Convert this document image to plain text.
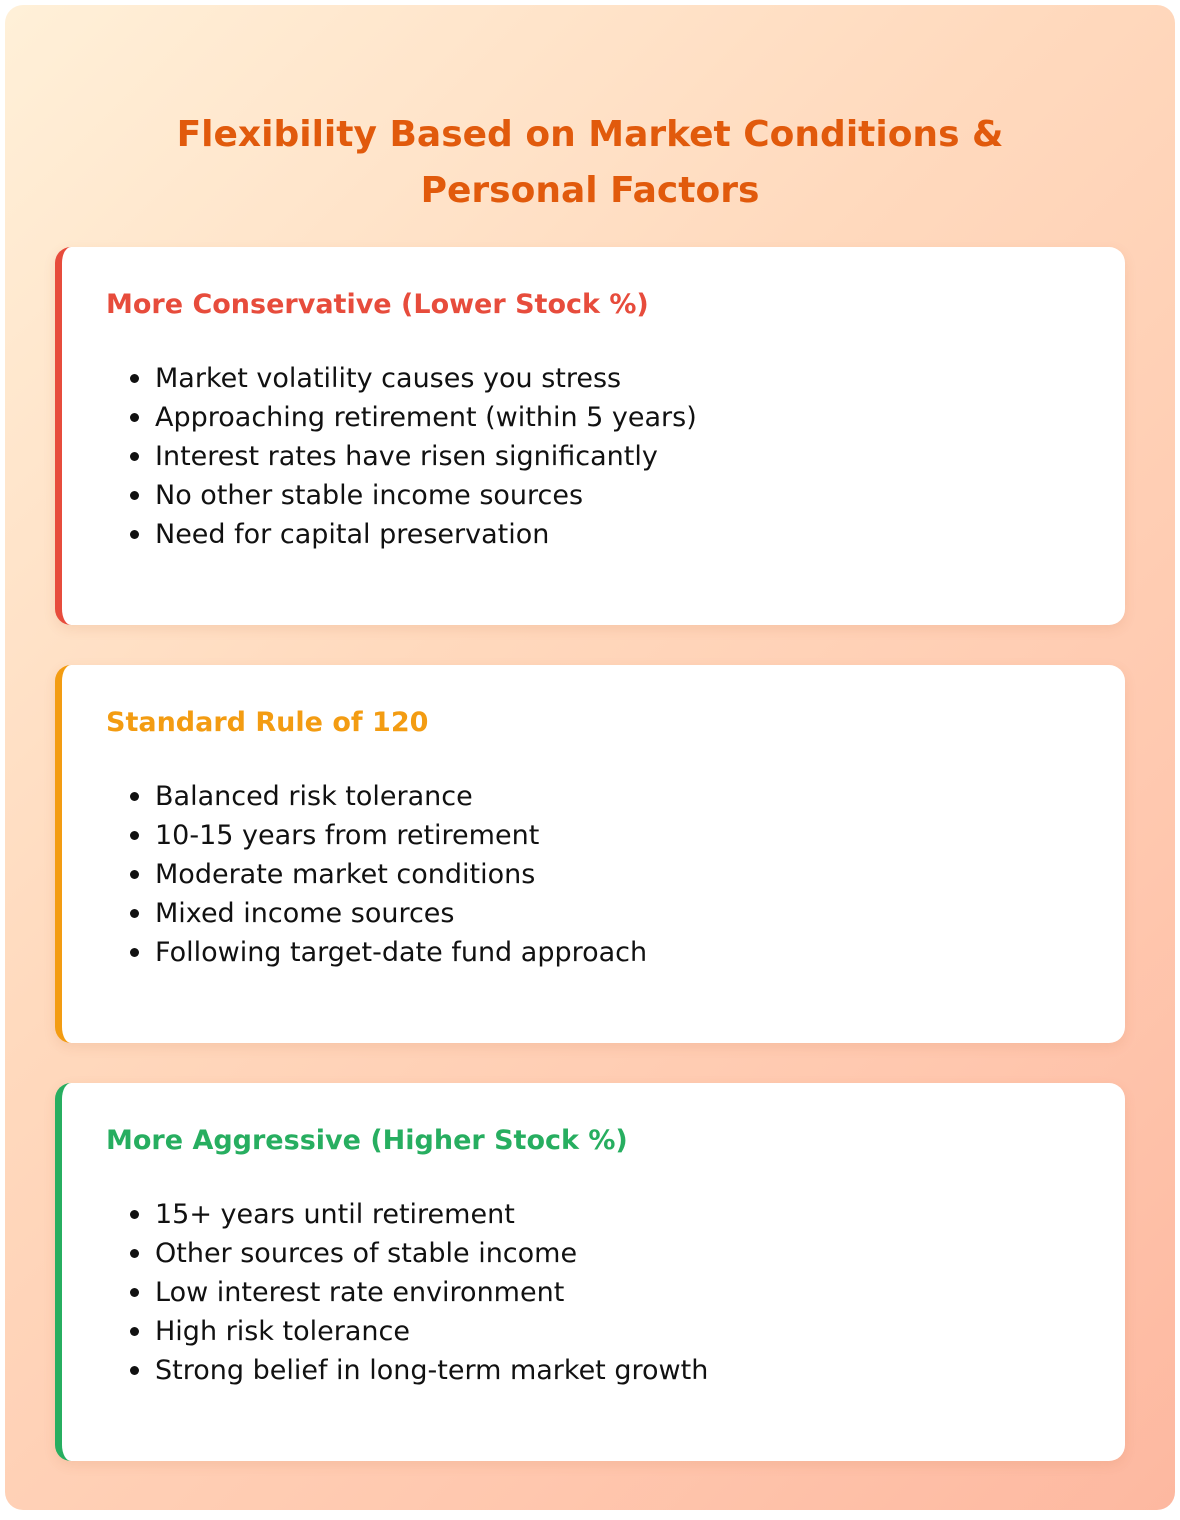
Flexibility Based on Market Conditions &
Personal Factors
More Conservative (Lower Stock %)
Market volatility causes you stress
Approaching retirement (within 5 years)
Interest rates have risen significantly
No other stable income sources
Need for capital preservation
Standard Rule of 120
Balanced risk tolerance
10-15 years from retirement
Moderate market conditions
Mixed income sources
Following target-date fund approach
More Aggressive (Higher Stock %)
15+ years until retirement
Other sources of stable income
Low interest rate environment
High risk tolerance
Strong belief in long-term market growth
